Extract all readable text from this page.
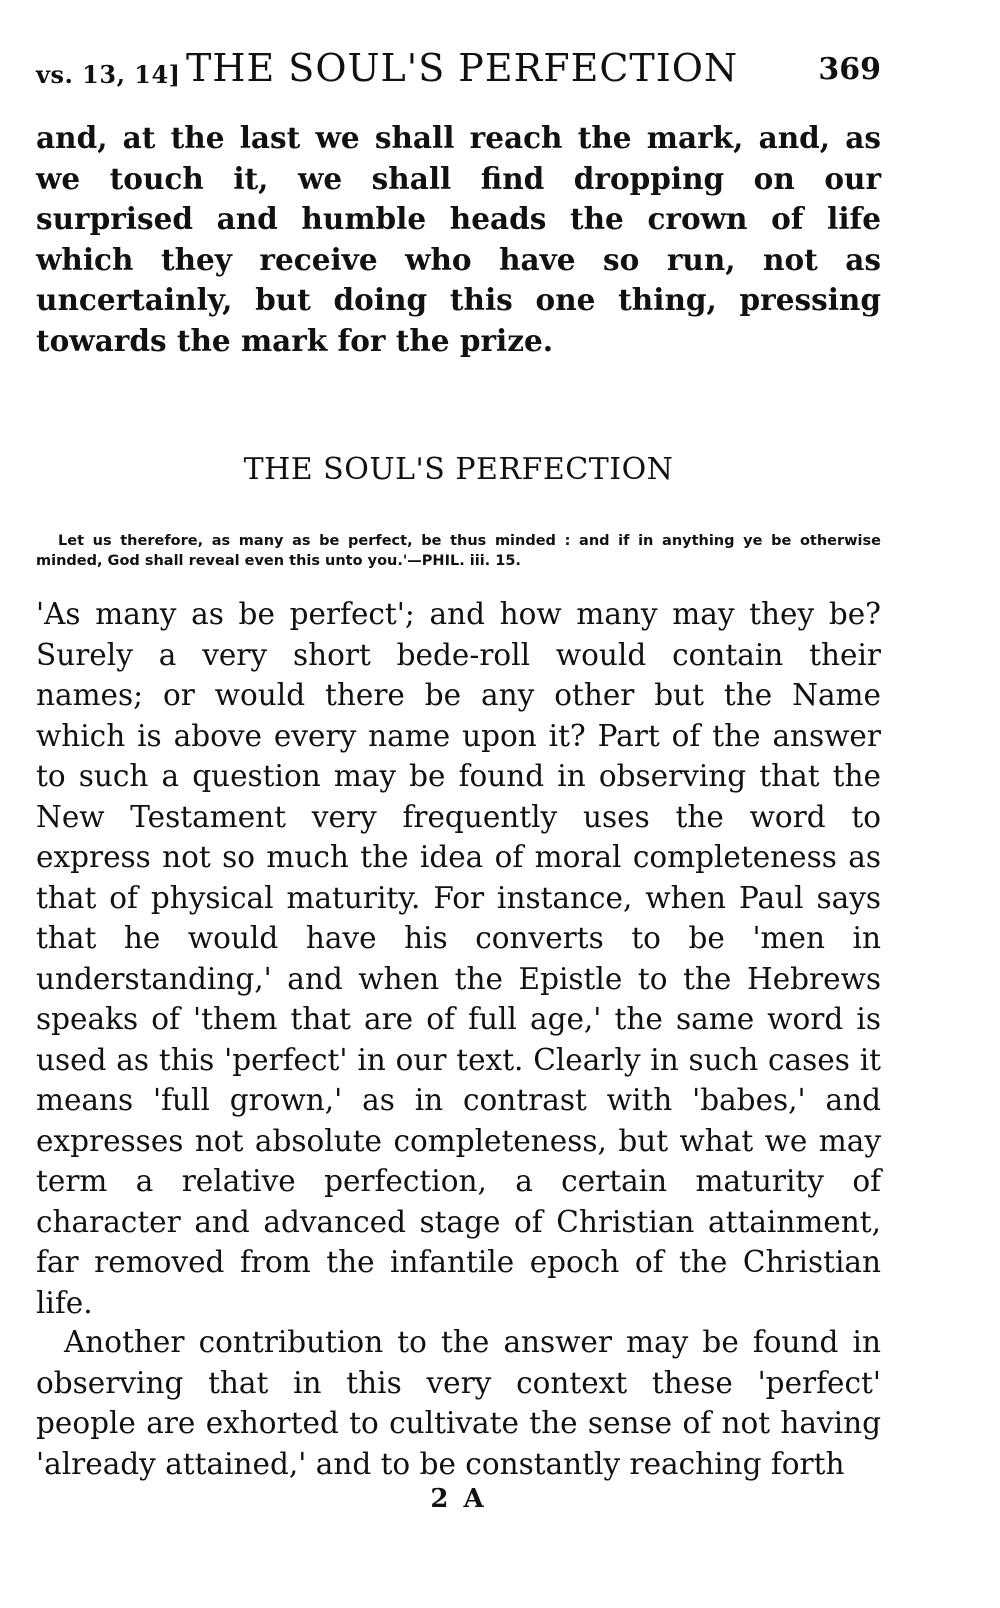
vs. 13, 14] THE SOUL'S PERFECTION	369

and, at the last we shall reach the mark, and, as we touch it, we shall find dropping on our surprised and humble heads the crown of life which they receive who have so run, not as uncertainly, but doing this one thing, pressing towards the mark for the prize.

THE SOUL'S PERFECTION

Let us therefore, as many as be perfect, be thus minded : and if in anything ye be otherwise minded, God shall reveal even this unto you.'—PHIL. iii. 15.

'As many as be perfect'; and how many may they be? Surely a very short bede-roll would contain their names; or would there be any other but the Name which is above every name upon it? Part of the answer to such a question may be found in observing that the New Testament very frequently uses the word to express not so much the idea of moral completeness as that of physical maturity. For instance, when Paul says that he would have his converts to be 'men in understanding,' and when the Epistle to the Hebrews speaks of 'them that are of full age,' the same word is used as this 'perfect' in our text. Clearly in such cases it means 'full grown,' as in contrast with 'babes,' and expresses not absolute completeness, but what we may term a relative perfection, a certain maturity of character and advanced stage of Christian attainment, far removed from the infantile epoch of the Christian life.

Another contribution to the answer may be found in observing that in this very context these 'perfect' people are exhorted to cultivate the sense of not having 'already attained,' and to be constantly reaching forth

2 A
